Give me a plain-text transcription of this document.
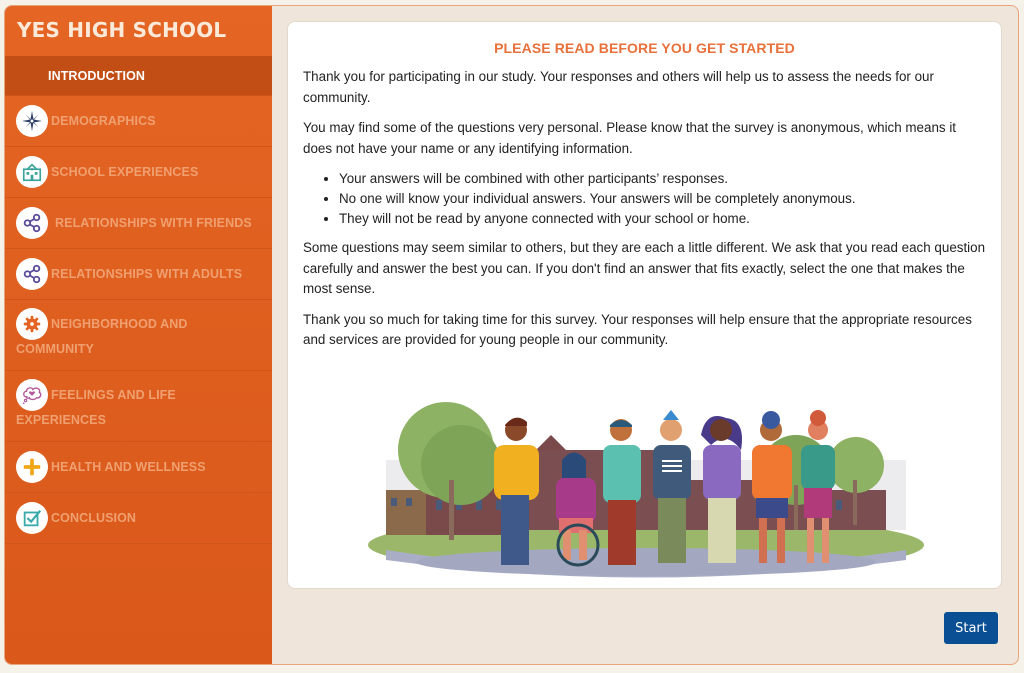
YES HIGH SCHOOL
INTRODUCTION
DEMOGRAPHICS
SCHOOL EXPERIENCES
RELATIONSHIPS WITH FRIENDS
RELATIONSHIPS WITH ADULTS
NEIGHBORHOOD AND
COMMUNITY
FEELINGS AND LIFE
EXPERIENCES
HEALTH AND WELLNESS
CONCLUSION
PLEASE READ BEFORE YOU GET STARTED

Thank you for participating in our study. Your responses and others will help us to assess the needs for our community.

You may find some of the questions very personal. Please know that the survey is anonymous, which means it does not have your name or any identifying information.

• Your answers will be combined with other participants’ responses.
• No one will know your individual answers. Your answers will be completely anonymous.
• They will not be read by anyone connected with your school or home.

Some questions may seem similar to others, but they are each a little different. We ask that you read each question carefully and answer the best you can. If you don't find an answer that fits exactly, select the one that makes the most sense.

Thank you so much for taking time for this survey. Your responses will help ensure that the appropriate resources and services are provided for young people in our community.

Start
